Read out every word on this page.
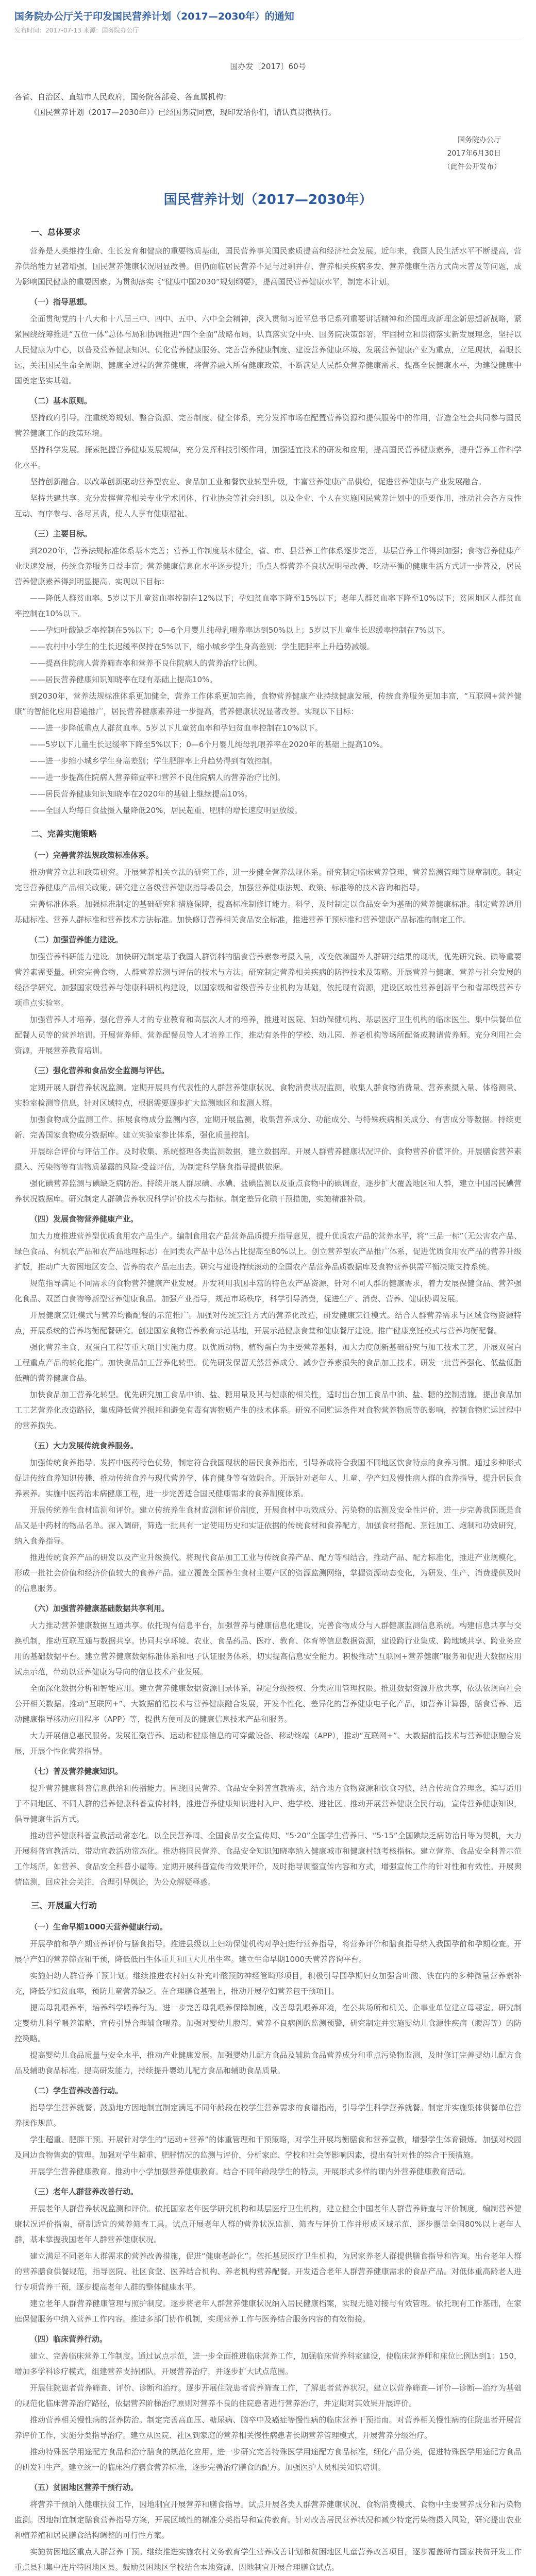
国务院办公厅关于印发国民营养计划（2017—2030年）的通知
发布时间：2017-07-13 来源：国务院办公厅
国办发〔2017〕60号

各省、自治区、直辖市人民政府，国务院各部委、各直属机构：

《国民营养计划（2017—2030年）》已经国务院同意，现印发给你们，请认真贯彻执行。

国务院办公厅
2017年6月30日
（此件公开发布）
国民营养计划（2017—2030年）
一、总体要求

营养是人类维持生命、生长发育和健康的重要物质基础，国民营养事关国民素质提高和经济社会发展。近年来，我国人民生活水平不断提高，营养供给能力显著增强，国民营养健康状况明显改善。但仍面临居民营养不足与过剩并存、营养相关疾病多发、营养健康生活方式尚未普及等问题，成为影响国民健康的重要因素。为贯彻落实《“健康中国2030”规划纲要》，提高国民营养健康水平，制定本计划。

（一）指导思想。

全面贯彻党的十八大和十八届三中、四中、五中、六中全会精神，深入贯彻习近平总书记系列重要讲话精神和治国理政新理念新思想新战略，紧紧围绕统筹推进“五位一体”总体布局和协调推进“四个全面”战略布局，认真落实党中央、国务院决策部署，牢固树立和贯彻落实新发展理念，坚持以人民健康为中心，以普及营养健康知识、优化营养健康服务、完善营养健康制度、建设营养健康环境、发展营养健康产业为重点，立足现状，着眼长远，关注国民生命全周期、健康全过程的营养健康，将营养融入所有健康政策，不断满足人民群众营养健康需求，提高全民健康水平，为建设健康中国奠定坚实基础。

（二）基本原则。

坚持政府引导。注重统筹规划、整合资源、完善制度、健全体系，充分发挥市场在配置营养资源和提供服务中的作用，营造全社会共同参与国民营养健康工作的政策环境。

坚持科学发展。探索把握营养健康发展规律，充分发挥科技引领作用，加强适宜技术的研发和应用，提高国民营养健康素养，提升营养工作科学化水平。

坚持创新融合。以改革创新驱动营养型农业、食品加工业和餐饮业转型升级，丰富营养健康产品供给，促进营养健康与产业发展融合。

坚持共建共享。充分发挥营养相关专业学术团体、行业协会等社会组织，以及企业、个人在实施国民营养计划中的重要作用，推动社会各方良性互动、有序参与、各尽其责，使人人享有健康福祉。

（三）主要目标。

到2020年，营养法规标准体系基本完善；营养工作制度基本健全，省、市、县营养工作体系逐步完善，基层营养工作得到加强；食物营养健康产业快速发展，传统食养服务日益丰富；营养健康信息化水平逐步提升；重点人群营养不良状况明显改善，吃动平衡的健康生活方式进一步普及，居民营养健康素养得到明显提高。实现以下目标：

——降低人群贫血率。5岁以下儿童贫血率控制在12%以下；孕妇贫血率下降至15%以下；老年人群贫血率下降至10%以下；贫困地区人群贫血率控制在10%以下。

——孕妇叶酸缺乏率控制在5%以下；0—6个月婴儿纯母乳喂养率达到50%以上；5岁以下儿童生长迟缓率控制在7%以下。

——农村中小学生的生长迟缓率保持在5%以下，缩小城乡学生身高差别；学生肥胖率上升趋势减缓。

——提高住院病人营养筛查率和营养不良住院病人的营养治疗比例。

——居民营养健康知识知晓率在现有基础上提高10%。

到2030年，营养法规标准体系更加健全，营养工作体系更加完善，食物营养健康产业持续健康发展，传统食养服务更加丰富，“互联网+营养健康”的智能化应用普遍推广，居民营养健康素养进一步提高，营养健康状况显著改善。实现以下目标：

——进一步降低重点人群贫血率。5岁以下儿童贫血率和孕妇贫血率控制在10%以下。

——5岁以下儿童生长迟缓率下降至5%以下；0—6个月婴儿纯母乳喂养率在2020年的基础上提高10%。

——进一步缩小城乡学生身高差别；学生肥胖率上升趋势得到有效控制。

——进一步提高住院病人营养筛查率和营养不良住院病人的营养治疗比例。

——居民营养健康知识知晓率在2020年的基础上继续提高10%。

——全国人均每日食盐摄入量降低20%，居民超重、肥胖的增长速度明显放缓。

二、完善实施策略
（一）完善营养法规政策标准体系。

推动营养立法和政策研究。开展营养相关立法的研究工作，进一步健全营养法规体系。研究制定临床营养管理、营养监测管理等规章制度。制定完善营养健康产品相关政策。研究建立各级营养健康指导委员会，加强营养健康法规、政策、标准等的技术咨询和指导。

完善标准体系。加强标准制定的基础研究和措施保障，提高标准制修订能力。科学、及时制定以食品安全为基础的营养健康标准。制定营养通用基础标准、营养人群标准和营养技术方法标准。加快修订营养相关食品安全标准，推进营养干预标准和营养健康产品标准的制定工作。

（二）加强营养能力建设。

加强营养科研能力建设。加快研究制定基于我国人群资料的膳食营养素参考摄入量，改变依赖国外人群研究结果的现状，优先研究铁、碘等重要营养素需要量。研究完善食物、人群营养监测与评估的技术与方法。研究制定营养相关疾病的防控技术及策略。开展营养与健康、营养与社会发展的经济学研究。加强国家级营养与健康科研机构建设，以国家级和省级营养专业机构为基础，依托现有资源，建设区域性营养创新平台和省部级营养专项重点实验室。

加强营养人才培养。强化营养人才的专业教育和高层次人才的培养，推进对医院、妇幼保健机构、基层医疗卫生机构的临床医生、集中供餐单位配餐人员等的营养培训。开展营养师、营养配餐员等人才培养工作，推动有条件的学校、幼儿园、养老机构等场所配备或聘请营养师。充分利用社会资源，开展营养教育培训。

（三）强化营养和食品安全监测与评估。

定期开展人群营养状况监测。定期开展具有代表性的人群营养健康状况、食物消费状况监测，收集人群食物消费量、营养素摄入量、体格测量、实验室检测等信息。针对区域特点，根据需要逐步扩大监测地区和监测人群。

加强食物成分监测工作。拓展食物成分监测内容，定期开展监测，收集营养成分、功能成分、与特殊疾病相关成分、有害成分等数据。持续更新、完善国家食物成分数据库。建立实验室参比体系，强化质量控制。

开展综合评价与评估工作。及时收集、系统整理各类监测数据，建立数据库。开展人群营养健康状况评价、食物营养价值评价。开展膳食营养素摄入、污染物等有害物质暴露的风险-受益评估，为制定科学膳食指导提供依据。

强化碘营养监测与碘缺乏病防治。持续开展人群尿碘、水碘、盐碘监测以及重点食物中的碘调查，逐步扩大覆盖地区和人群，建立中国居民碘营养状况数据库。研究制定人群碘营养状况科学评价技术与指标。制定差异化碘干预措施，实施精准补碘。

（四）发展食物营养健康产业。

加大力度推进营养型优质食用农产品生产。编制食用农产品营养品质提升指导意见，提升优质农产品的营养水平，将“三品一标”（无公害农产品、绿色食品、有机农产品和农产品地理标志）在同类农产品中总体占比提高至80%以上。创立营养型农产品推广体系，促进优质食用农产品的营养升级扩版，推动广大贫困地区安全、营养的农产品走出去。研究与建设持续滚动的全国农产品营养品质数据库及食物营养供需平衡决策支持系统。

规范指导满足不同需求的食物营养健康产业发展。开发利用我国丰富的特色农产品资源，针对不同人群的健康需求，着力发展保健食品、营养强化食品、双蛋白食物等新型营养健康食品。加强产业指导，规范市场秩序，科学引导消费，促进生产、消费、营养、健康协调发展。

开展健康烹饪模式与营养均衡配餐的示范推广。加强对传统烹饪方式的营养化改造，研发健康烹饪模式。结合人群营养需求与区域食物资源特点，开展系统的营养均衡配餐研究。创建国家食物营养教育示范基地，开展示范健康食堂和健康餐厅建设。推广健康烹饪模式与营养均衡配餐。

强化营养主食、双蛋白工程等重大项目实施力度。以优质动物、植物蛋白为主要营养基料，加大力度创新基础研究与加工技术工艺，开展双蛋白工程重点产品的转化推广。加快食品加工营养化转型。优先研发保留天然营养成分、减少营养素损失的食品加工技术。研发一批营养强化、低盐低脂低糖的营养健康食品。

加快食品加工营养化转型。优先研究加工食品中油、盐、糖用量及其与健康的相关性，适时出台加工食品中油、盐、糖的控制措施。提出食品加工工艺营养化改造路径，集成降低营养损耗和避免有毒有害物质产生的技术体系。研究不同贮运条件对食物营养物质等的影响，控制食物贮运过程中的营养损失。

（五）大力发展传统食养服务。

加强传统食养指导。发挥中医药特色优势，制定符合我国现状的居民食养指南，引导养成符合我国不同地区饮食特点的食养习惯。通过多种形式促进传统食养知识传播，推动传统食养与现代营养学、体育健身等有效融合。开展针对老年人、儿童、孕产妇及慢性病人群的食养指导，提升居民食养素养。实施中医药治未病健康工程，进一步完善适合国民健康需求的食养制度体系。

开展传统养生食材监测和评价。建立传统养生食材监测和评价制度，开展食材中功效成分、污染物的监测及安全性评价，进一步完善我国既是食品又是中药材的物品名单。深入调研，筛选一批具有一定使用历史和实证依据的传统食材和食养配方，加强食材搭配、烹饪加工、炮制和功效研究，纳入食养指导。

推进传统食养产品的研发以及产业升级换代。将现代食品加工工业与传统食养产品、配方等相结合，推动产品、配方标准化，推进产业规模化，形成一批社会价值和经济价值较大的食养产品。建立覆盖全国养生食材主要产区的资源监测网络，掌握资源动态变化，为研发、生产、消费提供及时的信息服务。

（六）加强营养健康基础数据共享利用。

大力推动营养健康数据互通共享。依托现有信息平台，加强营养与健康信息化建设，完善食物成分与人群健康监测信息系统。构建信息共享与交换机制，推动互联互通与数据共享。协同共享环境、农业、食品药品、医疗、教育、体育等信息数据资源，建设跨行业集成、跨地域共享、跨业务应用的基础数据平台。建立营养健康数据标准体系和电子认证服务体系，切实提高信息安全能力。积极推动“互联网+营养健康”服务和促进大数据应用试点示范，带动以营养健康为导向的信息技术产业发展。

全面深化数据分析和智能应用。建立营养健康数据资源目录体系，制定分级授权、分类应用管理权限。推进数据资源开放共享，依法依规向社会公开相关数据。推动“互联网+”、大数据前沿技术与营养健康融合发展，开发个性化、差异化的营养健康电子化产品，如营养计算器，膳食营养、运动健康指导移动应用程序（APP）等，提供方便可及的健康信息技术产品和服务。

大力开展信息惠民服务。发展汇聚营养、运动和健康信息的可穿戴设备、移动终端（APP），推动“互联网+”、大数据前沿技术与营养健康融合发展，开展个性化营养指导。

（七）普及营养健康知识。

提升营养健康科普信息供给和传播能力。围绕国民营养、食品安全科普宣教需求，结合地方食物资源和饮食习惯，结合传统食养理念，编写适用于不同地区、不同人群的营养健康科普宣传材料，推进营养健康知识进村入户、进学校、进社区。推动开展营养健康全民行动，宣传营养健康知识，倡导健康生活方式。

推动营养健康科普宣教活动常态化。以全民营养周、全国食品安全宣传周、“5·20”全国学生营养日、“5·15”全国碘缺乏病防治日等为契机，大力开展科普宣教活动，带动宣教活动常态化。推动将国民营养、食品安全知识知晓率纳入健康城市和健康村镇考核指标。建立营养、食品安全科普示范工作场所，如营养、食品安全科普小屋等。定期开展科普宣传的效果评价，及时指导调整宣传内容和方式，增强宣传工作的针对性和有效性。开展舆情监测，回应社会关注，合理引导舆论，为公众解疑释惑。

三、开展重大行动
（一）生命早期1000天营养健康行动。

开展孕前和孕产期营养评价与膳食指导。推进县级以上妇幼保健机构对孕妇进行营养指导，将营养评价和膳食指导纳入我国孕前和孕期检查。开展孕产妇的营养筛查和干预，降低低出生体重儿和巨大儿出生率。建立生命早期1000天营养咨询平台。

实施妇幼人群营养干预计划。继续推进农村妇女补充叶酸预防神经管畸形项目，积极引导围孕期妇女加强含叶酸、铁在内的多种微量营养素补充，降低孕妇贫血率，预防儿童营养缺乏。在合理膳食基础上，推动开展孕妇营养包干预项目。

提高母乳喂养率，培养科学喂养行为。进一步完善母乳喂养保障制度，改善母乳喂养环境，在公共场所和机关、企事业单位建立母婴室。研究制定婴幼儿科学喂养策略，宣传引导合理辅食喂养。加强对婴幼儿腹泻、营养不良病例的监测预警，研究制定并实施婴幼儿食源性疾病（腹泻等）的防控策略。

提高婴幼儿食品质量与安全水平，推动产业健康发展。加强婴幼儿配方食品及辅助食品营养成分和重点污染物监测，及时修订完善婴幼儿配方食品及辅助食品标准。提高研发能力，持续提升婴幼儿配方食品和辅助食品质量。

（二）学生营养改善行动。

指导学生营养就餐。鼓励地方因地制宜制定满足不同年龄段在校学生营养需求的食谱指南，引导学生科学营养就餐。制定并实施集体供餐单位营养操作规范。

学生超重、肥胖干预。开展针对学生的“运动+营养”的体重管理和干预策略，对学生开展均衡膳食和营养宣教，增强学生体育锻炼。加强对校园及周边食物售卖的管理。加强对学生超重、肥胖情况的监测与评价，分析家庭、学校和社会等影响因素，提出有针对性的综合干预措施。

开展学生营养健康教育。推动中小学加强营养健康教育。结合不同年龄段学生的特点，开展形式多样的课内外营养健康教育活动。

（三）老年人群营养改善行动。

开展老年人群营养状况监测和评价。依托国家老年医学研究机构和基层医疗卫生机构，建立健全中国老年人群营养筛查与评价制度，编制营养健康状况评价指南，研制适宜的营养筛查工具。试点开展老年人群的营养状况监测、筛查与评价工作并形成区域示范，逐步覆盖全国80%以上老年人群，基本掌握我国老年人群营养健康状况。

建立满足不同老年人群需求的营养改善措施，促进“健康老龄化”。依托基层医疗卫生机构，为居家养老人群提供膳食指导和咨询。出台老年人群的营养膳食供餐规范，指导医院、社区食堂、医养结合机构、养老机构营养配餐。开发适合老年人群营养健康需求的食品产品。对低体重高龄老人进行专项营养干预，逐步提高老年人群的整体健康水平。

建立老年人群营养健康管理与照护制度。逐步将老年人群营养健康状况纳入居民健康档案，实现无缝对接与有效管理。依托现有工作基础，在家庭保健服务中纳入营养工作内容。推进多部门协作机制，实现营养工作与医养结合服务内容的有效衔接。

（四）临床营养行动。

建立、完善临床营养工作制度。通过试点示范，进一步全面推进临床营养工作，加强临床营养科室建设，使临床营养师和床位比例达到1：150，增加多学科诊疗模式，组建营养支持团队，开展营养治疗，并逐步扩大试点范围。

开展住院患者营养筛查、评价、诊断和治疗。逐步开展住院患者营养筛查工作，了解患者营养状况。建立以营养筛查—评价—诊断—治疗为基础的规范化临床营养治疗路径，依据营养阶梯治疗原则对营养不良的住院患者进行营养治疗，并定期对其效果开展评价。

推动营养相关慢性病的营养防治。制定完善高血压、糖尿病、脑卒中及癌症等慢性病的临床营养干预指南。对营养相关慢性病的住院患者开展营养评价工作，实施分类指导治疗。建立从医院、社区到家庭的营养相关慢性病患者长期营养管理模式，开展营养分级治疗。

推动特殊医学用途配方食品和治疗膳食的规范化应用。进一步研究完善特殊医学用途配方食品标准，细化产品分类，促进特殊医学用途配方食品的研发和生产。建立统一的临床治疗膳食营养标准，逐步完善治疗膳食的配方。加强医护人员相关知识培训。

（五）贫困地区营养干预行动。

将营养干预纳入健康扶贫工作，因地制宜开展营养和膳食指导。试点开展各类人群营养健康状况、食物消费模式、食物中主要营养成分和污染物监测。因地制宜制定膳食营养指导方案，开展区域性的精准分类指导和宣传教育。针对改善居民营养状况和减少特定污染物摄入风险，研究提出农业种植养殖和居民膳食结构调整的可行性方案。

实施贫困地区重点人群营养干预。继续推进实施农村义务教育学生营养改善计划和贫困地区儿童营养改善项目，逐步覆盖所有国家扶贫开发工作重点县和集中连片特困地区县。鼓励贫困地区学校结合本地资源、因地制宜开展合理膳食试点。
